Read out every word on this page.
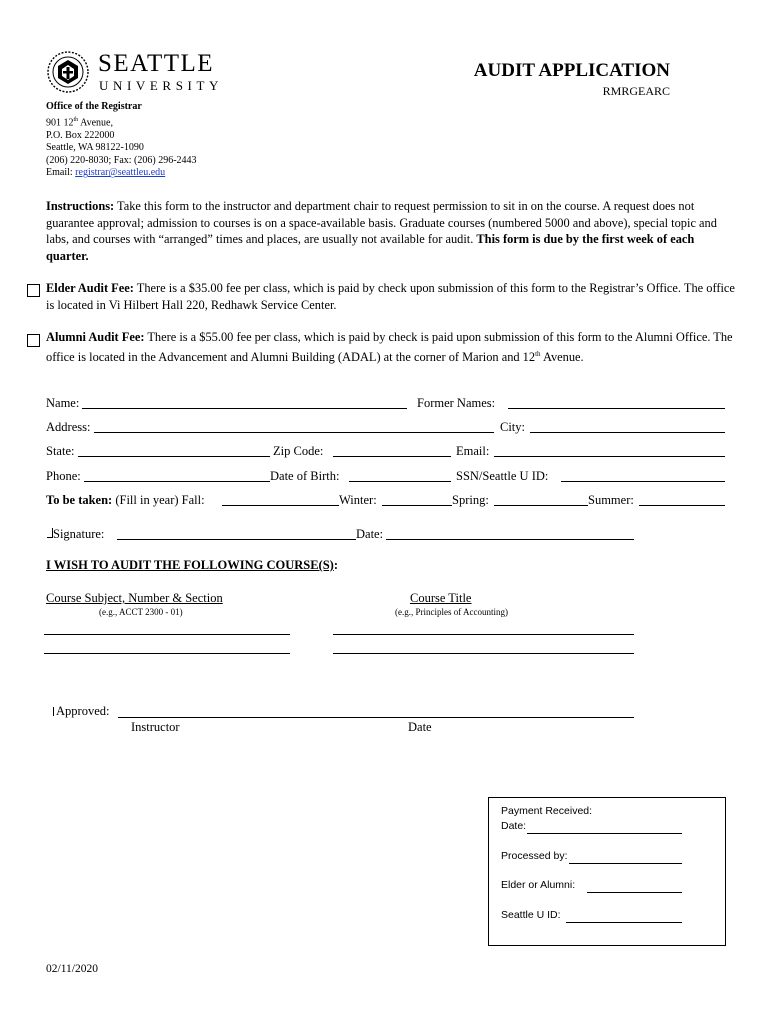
SEATTLE
UNIVERSITY
AUDIT APPLICATION
RMRGEARC
Office of the Registrar
901 12th Avenue,
P.O. Box 222000
Seattle, WA 98122-1090
(206) 220-8030; Fax: (206) 296-2443
Email: registrar@seattleu.edu
Instructions: Take this form to the instructor and department chair to request permission to sit in on the course. A request does not guarantee approval; admission to courses is on a space-available basis. Graduate courses (numbered 5000 and above), special topic and labs, and courses with “arranged” times and places, are usually not available for audit. This form is due by the first week of each quarter.
Elder Audit Fee: There is a $35.00 fee per class, which is paid by check upon submission of this form to the Registrar’s Office. The office is located in Vi Hilbert Hall 220, Redhawk Service Center.
Alumni Audit Fee: There is a $55.00 fee per class, which is paid by check is paid upon submission of this form to the Alumni Office. The office is located in the Advancement and Alumni Building (ADAL) at the corner of Marion and 12th Avenue.
Name:	Former Names:
Address:	City:
State:	Zip Code:	Email:
Phone:	Date of Birth:	SSN/Seattle U ID:
To be taken: (Fill in year) Fall:	Winter:	Spring:	Summer:
Signature:	Date:
I WISH TO AUDIT THE FOLLOWING COURSE(S):
Course Subject, Number & Section
(e.g., ACCT 2300 - 01)
Course Title
(e.g., Principles of Accounting)
Approved:
Instructor	Date
Payment Received:
Date:
Processed by:
Elder or Alumni:
Seattle U ID:
02/11/2020
